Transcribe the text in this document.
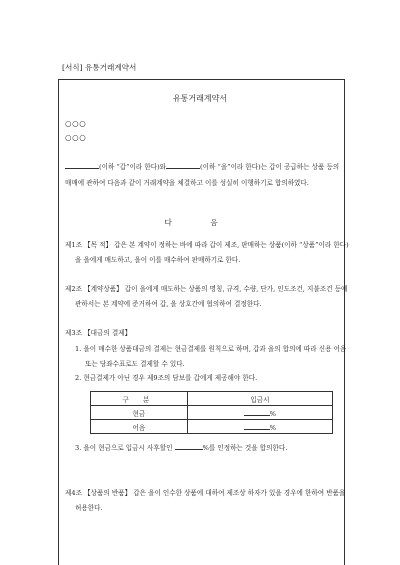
[서식] 유통거래계약서
유통거래계약서
○○○
○○○
(이하 “갑”이라 한다)와	(이하 “을”이라 한다)는 갑이 공급하는 상품 등의 매매에 관하여 다음과 같이 거래계약을 체결하고 이를 성실히 이행하기로 합의하였다.
다 음
제1조 【목 적】 갑은 본 계약이 정하는 바에 따라 갑이 제조, 판매하는 상품(이하 “상품”이라 한다)을 을에게 매도하고, 을이 이를 매수하여 판매하기로 한다.
제2조 【계약상품】 갑이 을에게 매도하는 상품의 명칭, 규격, 수량, 단가, 인도조건, 지불조건 등에 관하서는 본 계약에 준거하여 갑, 을 상호간에 협의하여 결정한다.
제3조 【대금의 결제】
1. 을이 매수한 상품대금의 결제는 현금결제를 원칙으로 하며, 갑과 을의 합의에 따라 신용 어음 또는 당좌수표로도 결제할 수 있다.
2. 현금결제가 아닌 경우 제9조의 담보를 갑에게 제공해야 한다.
구 분	입금시
현금	%
어음	%
3. 을이 현금으로 입금시 사후할인	%를 인정하는 것을 합의한다.
제4조 【상품의 반품】 갑은 을이 인수한 상품에 대하여 제조상 하자가 있을 경우에 한하여 반품을 허용한다.
